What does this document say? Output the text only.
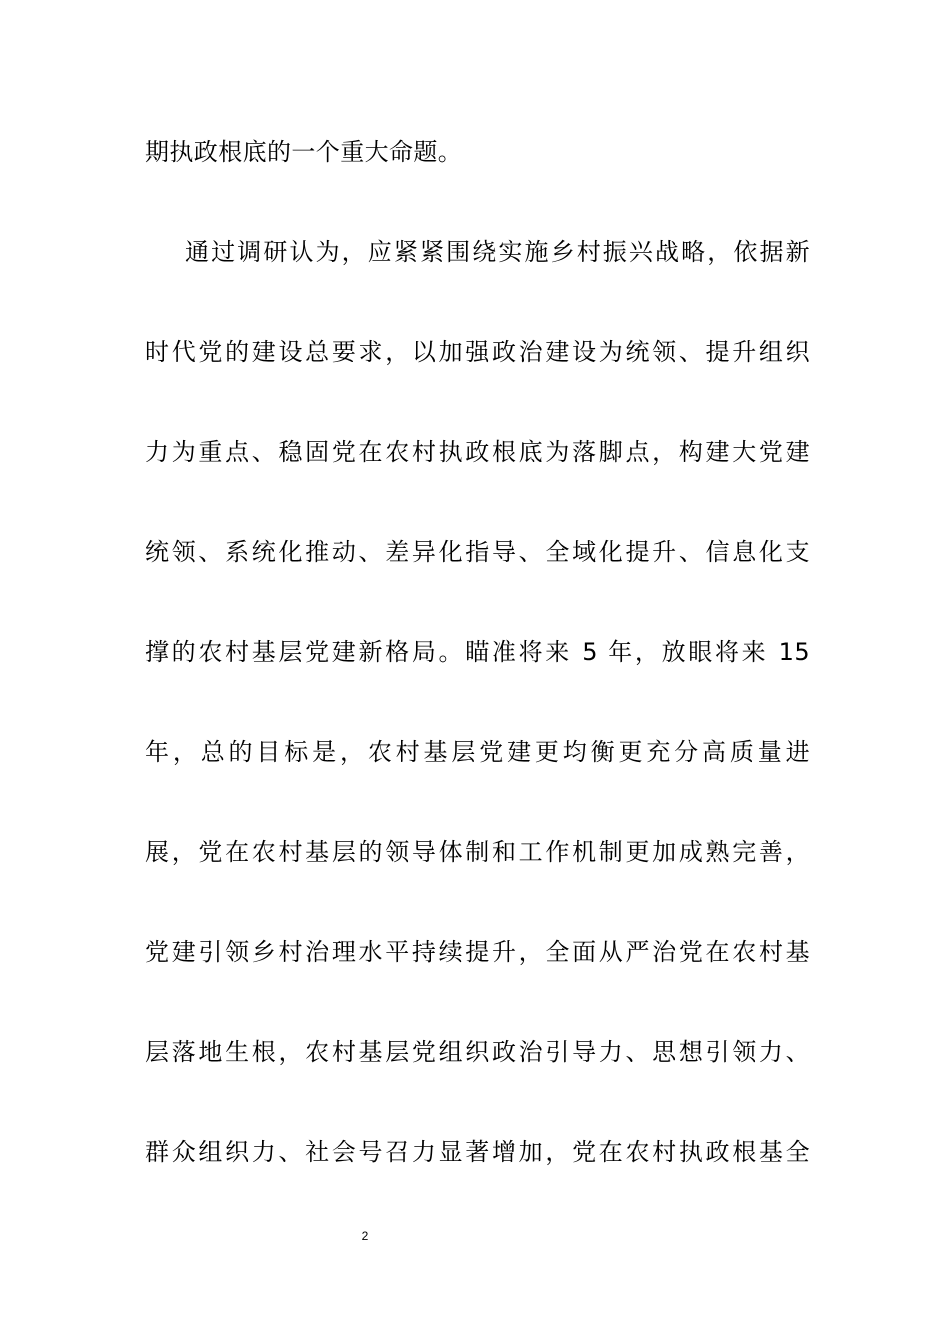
期执政根底的一个重大命题。
通过调研认为，应紧紧围绕实施乡村振兴战略，依据新
时代党的建设总要求，以加强政治建设为统领、提升组织
力为重点、稳固党在农村执政根底为落脚点，构建大党建
统领、系统化推动、差异化指导、全域化提升、信息化支
撑的农村基层党建新格局。瞄准将来 5 年，放眼将来 15
年，总的目标是，农村基层党建更均衡更充分高质量进
展，党在农村基层的领导体制和工作机制更加成熟完善，
党建引领乡村治理水平持续提升，全面从严治党在农村基
层落地生根，农村基层党组织政治引导力、思想引领力、
群众组织力、社会号召力显著增加，党在农村执政根基全
2
